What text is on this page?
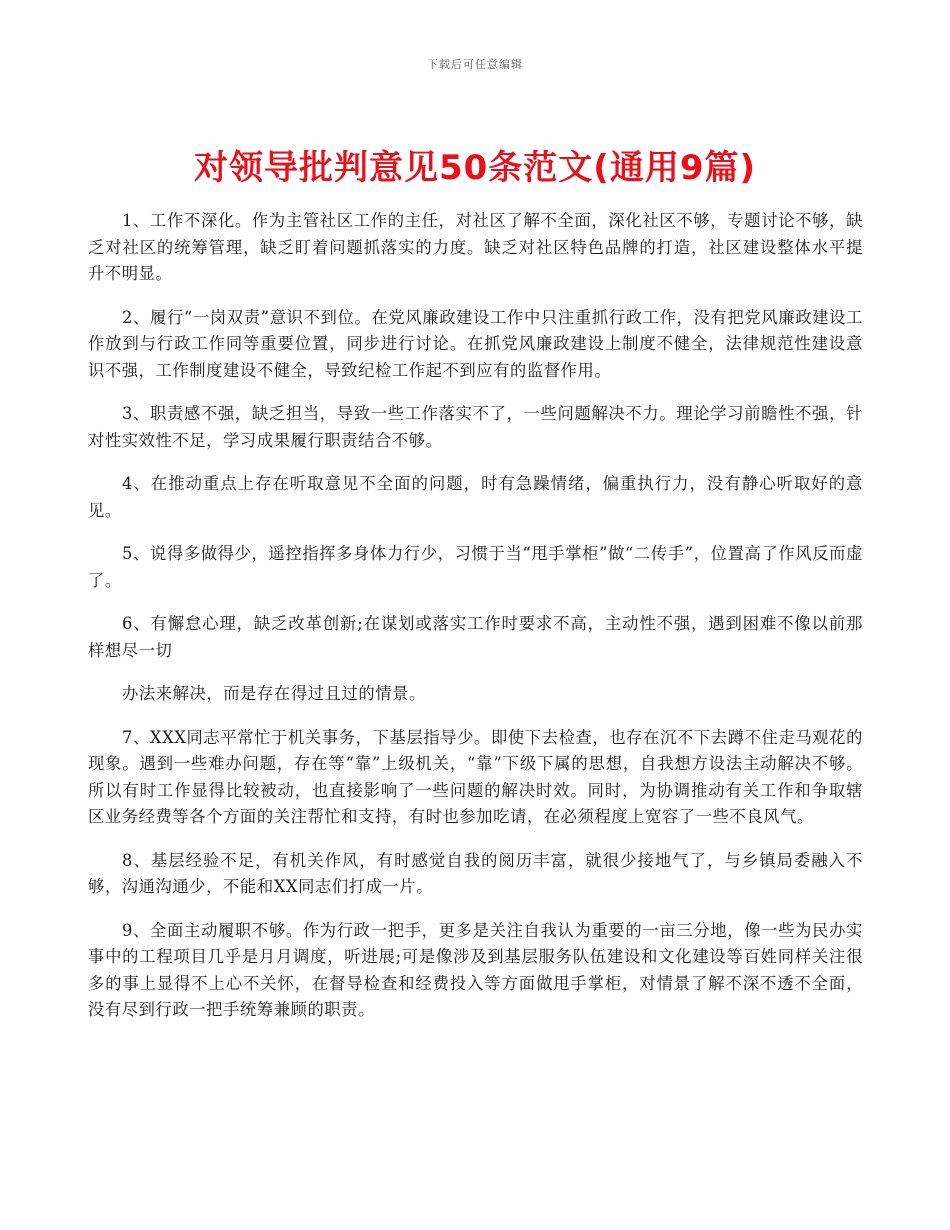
下载后可任意编辑
对领导批判意见50条范文(通用9篇)

1、工作不深化。作为主管社区工作的主任，对社区了解不全面，深化社区不够，专题讨论不够，缺乏对社区的统筹管理，缺乏盯着问题抓落实的力度。缺乏对社区特色品牌的打造，社区建设整体水平提升不明显。

2、履行“一岗双责”意识不到位。在党风廉政建设工作中只注重抓行政工作，没有把党风廉政建设工作放到与行政工作同等重要位置，同步进行讨论。在抓党风廉政建设上制度不健全，法律规范性建设意识不强，工作制度建设不健全，导致纪检工作起不到应有的监督作用。

3、职责感不强，缺乏担当，导致一些工作落实不了，一些问题解决不力。理论学习前瞻性不强，针对性实效性不足，学习成果履行职责结合不够。

4、在推动重点上存在听取意见不全面的问题，时有急躁情绪，偏重执行力，没有静心听取好的意见。

5、说得多做得少，遥控指挥多身体力行少，习惯于当“甩手掌柜”做“二传手”，位置高了作风反而虚了。

6、有懈怠心理，缺乏改革创新;在谋划或落实工作时要求不高，主动性不强，遇到困难不像以前那样想尽一切

办法来解决，而是存在得过且过的情景。

7、XXX同志平常忙于机关事务，下基层指导少。即使下去检查，也存在沉不下去蹲不住走马观花的现象。遇到一些难办问题，存在等“靠”上级机关，“靠”下级下属的思想，自我想方设法主动解决不够。所以有时工作显得比较被动，也直接影响了一些问题的解决时效。同时，为协调推动有关工作和争取辖区业务经费等各个方面的关注帮忙和支持，有时也参加吃请，在必须程度上宽容了一些不良风气。

8、基层经验不足，有机关作风，有时感觉自我的阅历丰富，就很少接地气了，与乡镇局委融入不够，沟通沟通少，不能和XX同志们打成一片。

9、全面主动履职不够。作为行政一把手，更多是关注自我认为重要的一亩三分地，像一些为民办实事中的工程项目几乎是月月调度，听进展;可是像涉及到基层服务队伍建设和文化建设等百姓同样关注很多的事上显得不上心不关怀，在督导检查和经费投入等方面做甩手掌柜，对情景了解不深不透不全面，没有尽到行政一把手统筹兼顾的职责。
